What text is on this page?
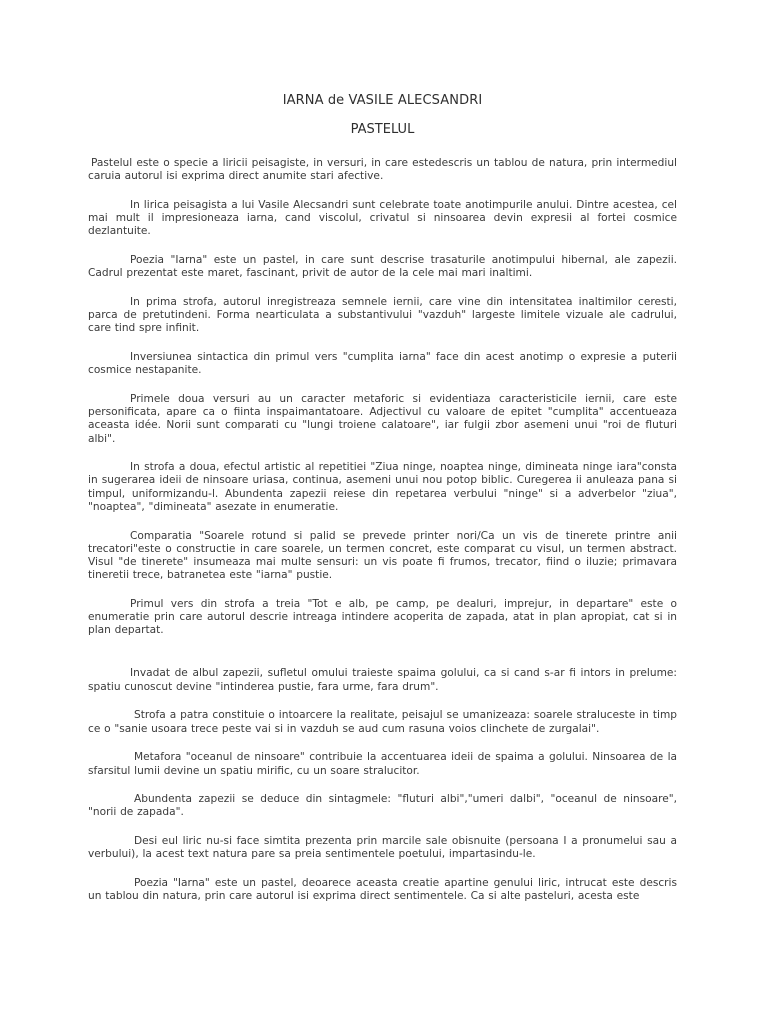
IARNA de VASILE ALECSANDRI
PASTELUL

Pastelul este o specie a liricii peisagiste, in versuri, in care estedescris un tablou de natura, prin intermediul caruia autorul isi exprima direct anumite stari afective.

In lirica peisagista a lui Vasile Alecsandri sunt celebrate toate anotimpurile anului. Dintre acestea, cel mai mult il impresioneaza iarna, cand viscolul, crivatul si ninsoarea devin expresii al fortei cosmice dezlantuite.

Poezia "Iarna" este un pastel, in care sunt descrise trasaturile anotimpului hibernal, ale zapezii. Cadrul prezentat este maret, fascinant, privit de autor de la cele mai mari inaltimi.

In prima strofa, autorul inregistreaza semnele iernii, care vine din intensitatea inaltimilor ceresti, parca de pretutindeni. Forma nearticulata a substantivului "vazduh" largeste limitele vizuale ale cadrului, care tind spre infinit.

Inversiunea sintactica din primul vers "cumplita iarna" face din acest anotimp o expresie a puterii cosmice nestapanite.

Primele doua versuri au un caracter metaforic si evidentiaza caracteristicile iernii, care este personificata, apare ca o fiinta inspaimantatoare. Adjectivul cu valoare de epitet "cumplita" accentueaza aceasta idée. Norii sunt comparati cu "lungi troiene calatoare", iar fulgii zbor asemeni unui "roi de fluturi albi".

In strofa a doua, efectul artistic al repetitiei "Ziua ninge, noaptea ninge, dimineata ninge iara"consta in sugerarea ideii de ninsoare uriasa, continua, asemeni unui nou potop biblic. Curegerea ii anuleaza pana si timpul, uniformizandu-l. Abundenta zapezii reiese din repetarea verbului "ninge" si a adverbelor "ziua", "noaptea", "dimineata" asezate in enumeratie.

Comparatia "Soarele rotund si palid se prevede printer nori/Ca un vis de tinerete printre anii trecatori"este o constructie in care soarele, un termen concret, este comparat cu visul, un termen abstract. Visul "de tinerete" insumeaza mai multe sensuri: un vis poate fi frumos, trecator, fiind o iluzie; primavara tineretii trece, batranetea este "iarna" pustie.

Primul vers din strofa a treia "Tot e alb, pe camp, pe dealuri, imprejur, in departare" este o enumeratie prin care autorul descrie intreaga intindere acoperita de zapada, atat in plan apropiat, cat si in plan departat.

Invadat de albul zapezii, sufletul omului traieste spaima golului, ca si cand s-ar fi intors in prelume: spatiu cunoscut devine "intinderea pustie, fara urme, fara drum".

Strofa a patra constituie o intoarcere la realitate, peisajul se umanizeaza: soarele straluceste in timp ce o "sanie usoara trece peste vai si in vazduh se aud cum rasuna voios clinchete de zurgalai".

Metafora "oceanul de ninsoare" contribuie la accentuarea ideii de spaima a golului. Ninsoarea de la sfarsitul lumii devine un spatiu mirific, cu un soare stralucitor.

Abundenta zapezii se deduce din sintagmele: "fluturi albi","umeri dalbi", "oceanul de ninsoare", "norii de zapada".

Desi eul liric nu-si face simtita prezenta prin marcile sale obisnuite (persoana I a pronumelui sau a verbului), la acest text natura pare sa preia sentimentele poetului, impartasindu-le.

Poezia "Iarna" este un pastel, deoarece aceasta creatie apartine genului liric, intrucat este descris un tablou din natura, prin care autorul isi exprima direct sentimentele. Ca si alte pasteluri, acesta este
